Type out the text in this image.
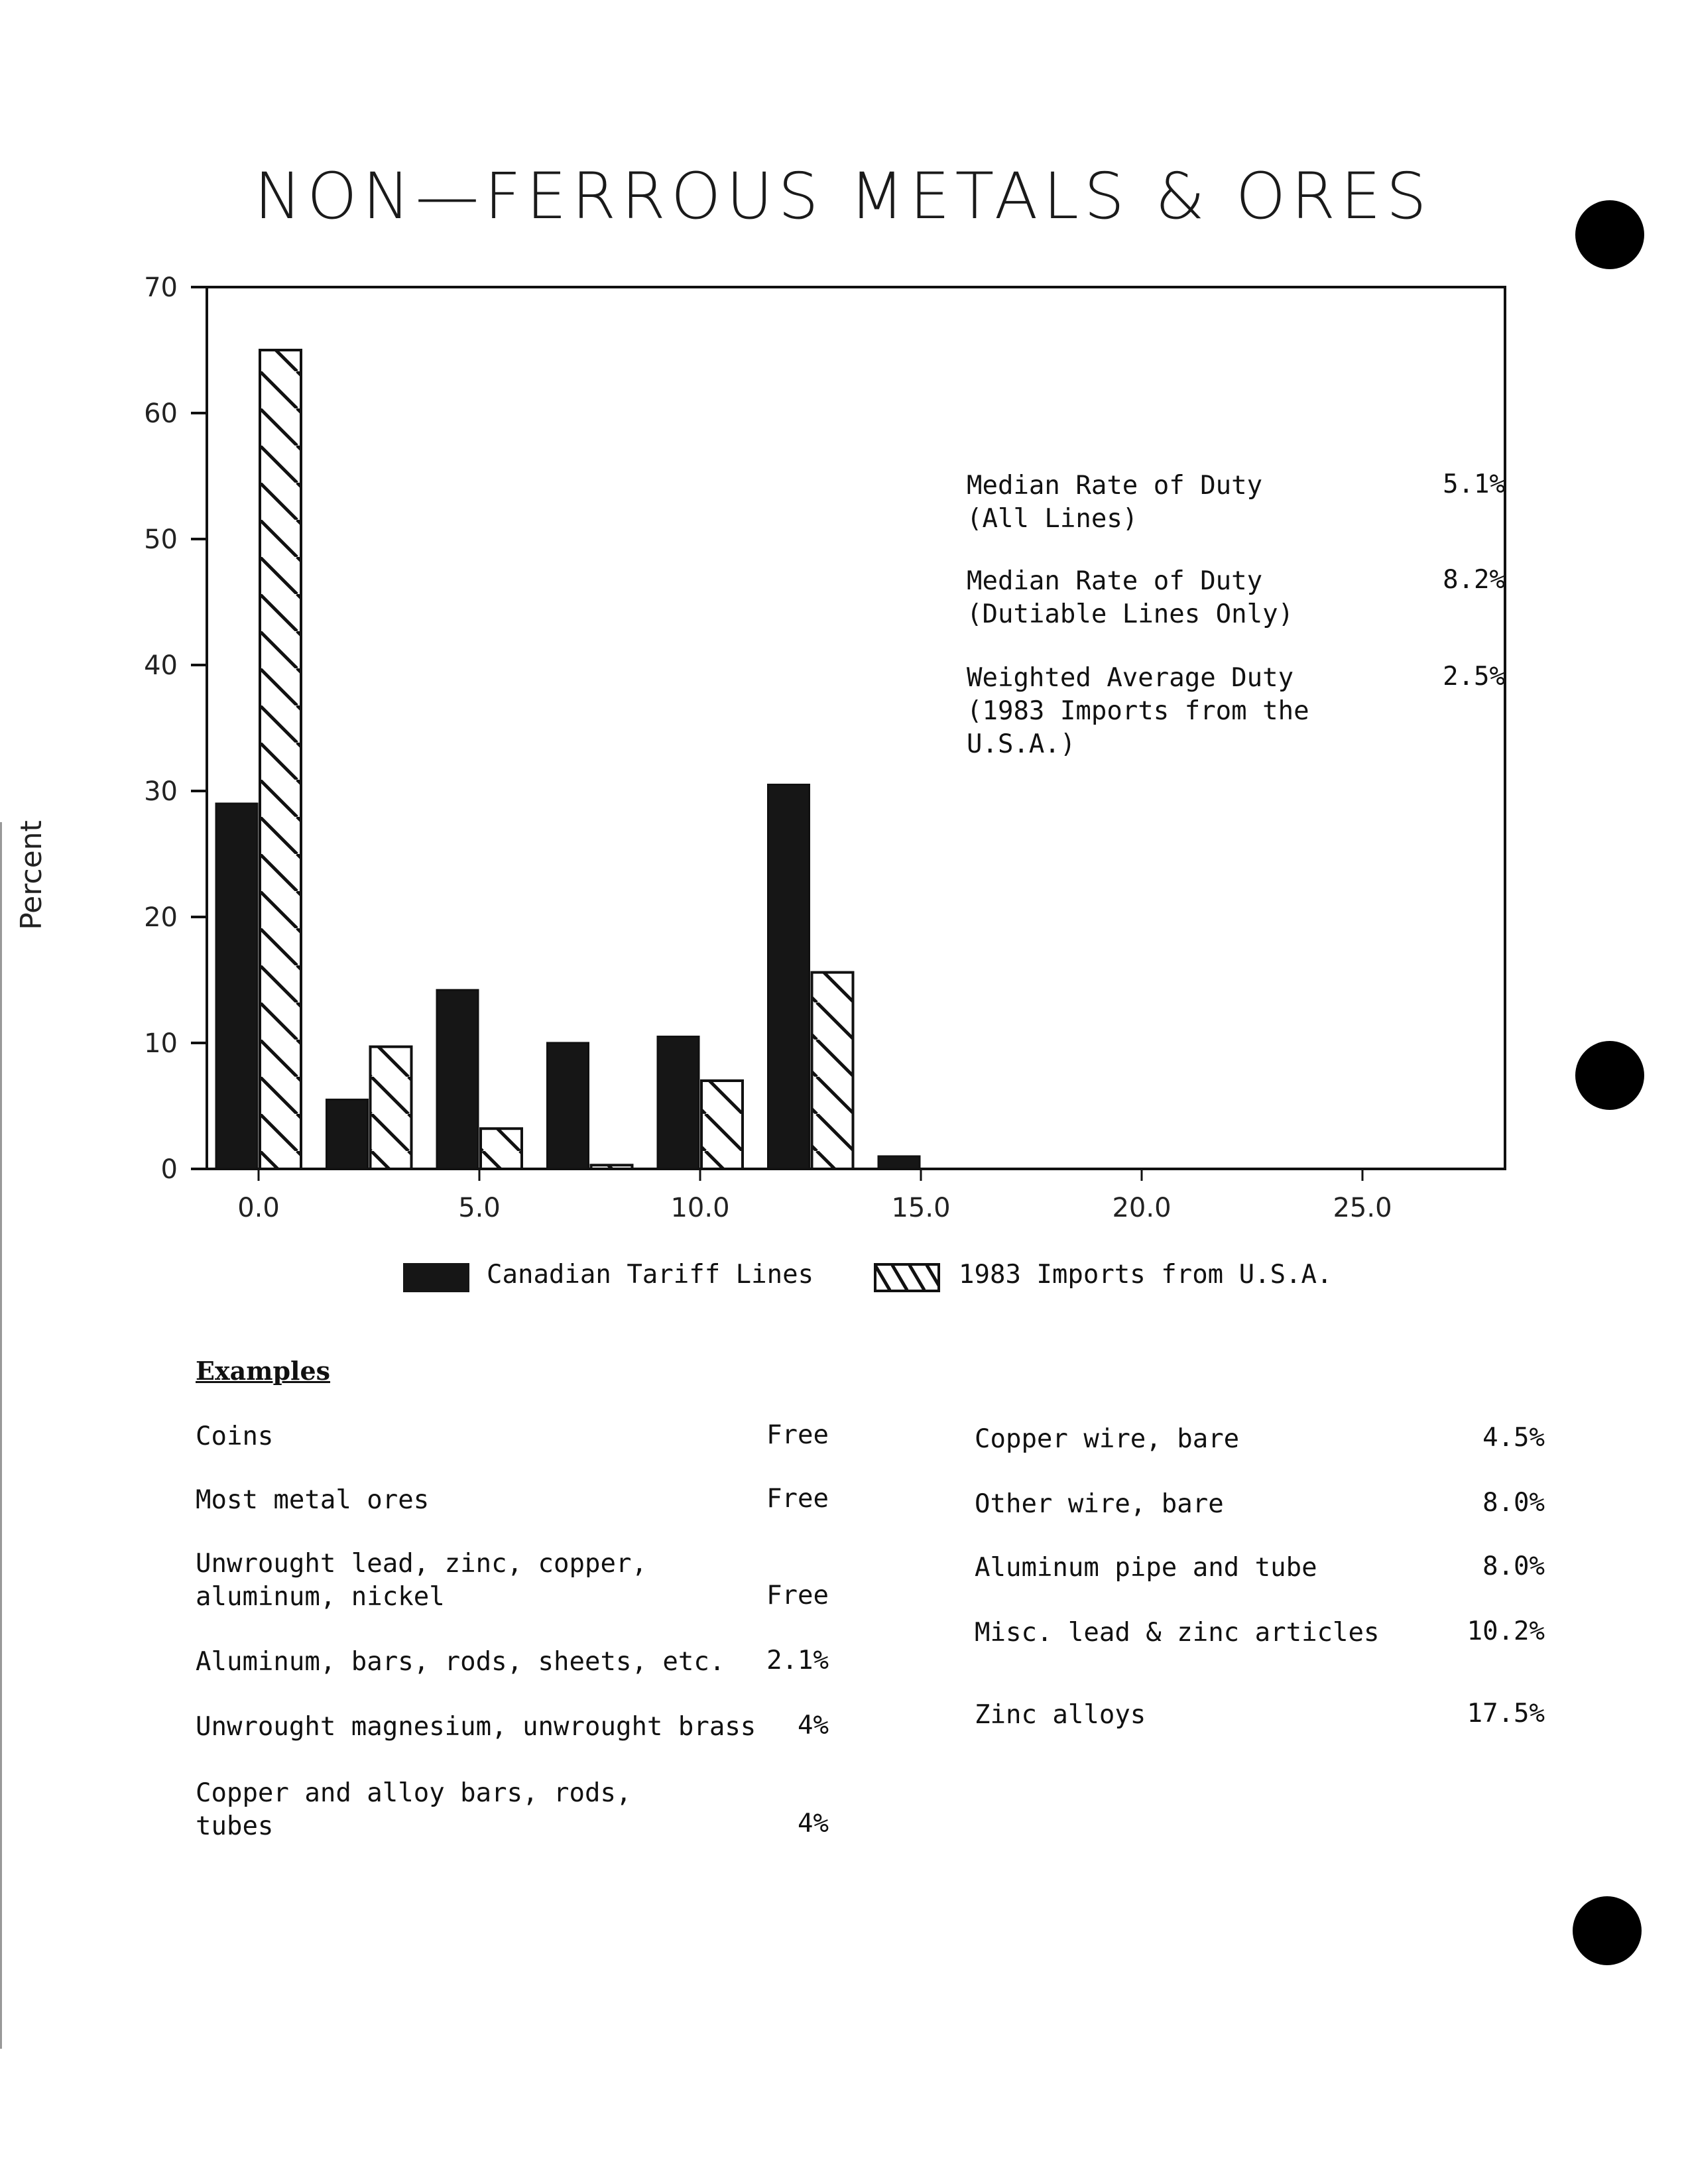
NON—FERROUS METALS & ORES
0
10
20
30
40
50
60
70
0.0	5.0	10.0	15.0	20.0	25.0
Percent
Median Rate of Duty
(All Lines)
5.1%
Median Rate of Duty
(Dutiable Lines Only)
8.2%
Weighted Average Duty
(1983 Imports from the
U.S.A.)
2.5%
Canadian Tariff Lines	1983 Imports from U.S.A.
Examples
Coins	Free
Most metal ores	Free
Unwrought lead, zinc, copper,
aluminum, nickel	Free
Aluminum, bars, rods, sheets, etc.	2.1%
Unwrought magnesium, unwrought brass	4%
Copper and alloy bars, rods,
tubes	4%
Copper wire, bare	4.5%
Other wire, bare	8.0%
Aluminum pipe and tube	8.0%
Misc. lead & zinc articles	10.2%
Zinc alloys	17.5%
